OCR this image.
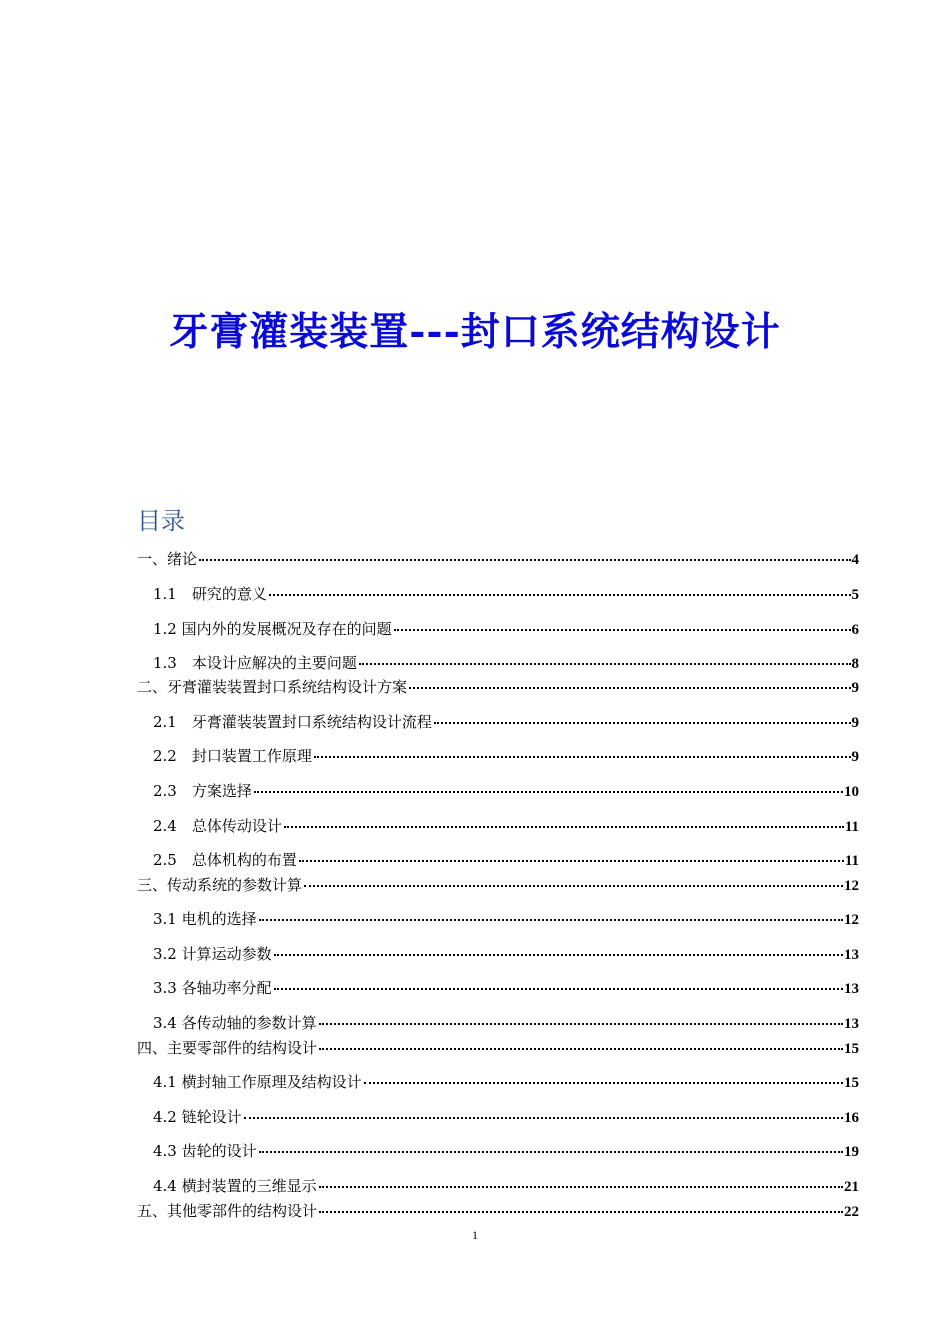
牙膏灌装装置---封口系统结构设计
目录
一、绪论	4
1.1　研究的意义	5
1.2 国内外的发展概况及存在的问题	6
1.3　本设计应解决的主要问题	8
二、牙膏灌装装置封口系统结构设计方案	9
2.1　牙膏灌装装置封口系统结构设计流程	9
2.2　封口装置工作原理	9
2.3　方案选择	10
2.4　总体传动设计	11
2.5　总体机构的布置	11
三、传动系统的参数计算	12
3.1 电机的选择	12
3.2 计算运动参数	13
3.3 各轴功率分配	13
3.4 各传动轴的参数计算	13
四、主要零部件的结构设计	15
4.1 横封轴工作原理及结构设计	15
4.2 链轮设计	16
4.3 齿轮的设计	19
4.4 横封装置的三维显示	21
五、其他零部件的结构设计	22
1
